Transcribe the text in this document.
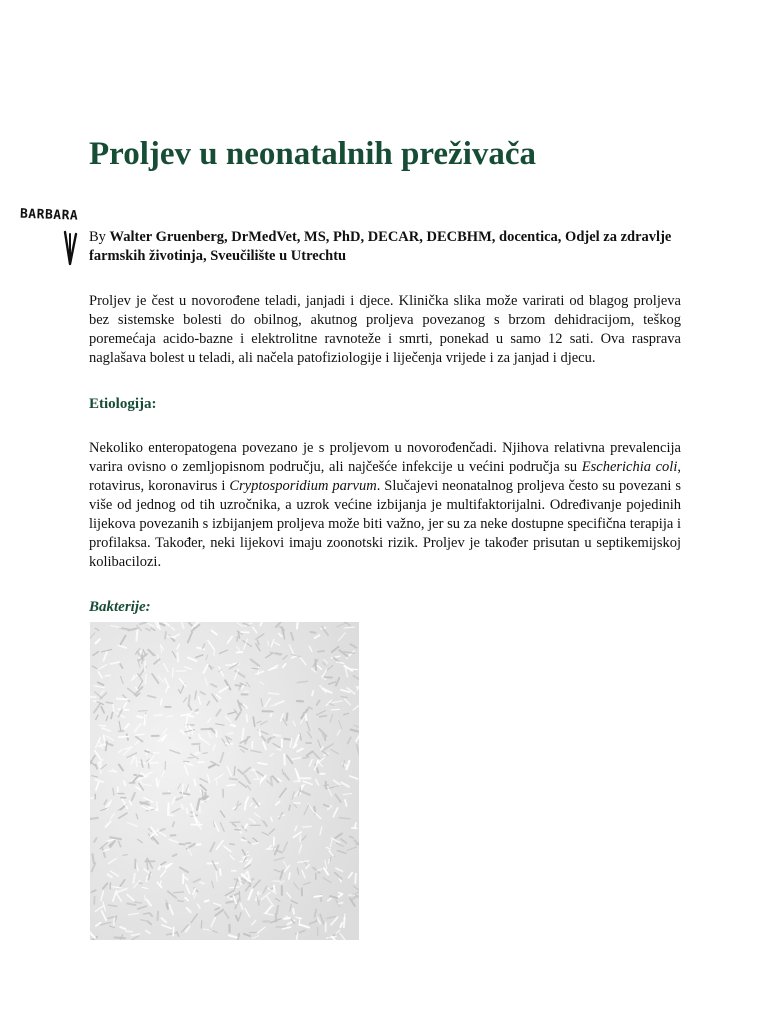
Proljev u neonatalnih preživača
BARBARA

By Walter Gruenberg, DrMedVet, MS, PhD, DECAR, DECBHM, docentica, Odjel za zdravlje farmskih životinja, Sveučilište u Utrechtu

Proljev je čest u novorođene teladi, janjadi i djece. Klinička slika može varirati od blagog proljeva bez sistemske bolesti do obilnog, akutnog proljeva povezanog s brzom dehidracijom, teškog poremećaja acido-bazne i elektrolitne ravnoteže i smrti, ponekad u samo 12 sati. Ova rasprava naglašava bolest u teladi, ali načela patofiziologije i liječenja vrijede i za janjad i djecu.

Etiologija:

Nekoliko enteropatogena povezano je s proljevom u novorođenčadi. Njihova relativna prevalencija varira ovisno o zemljopisnom području, ali najčešće infekcije u većini područja su Escherichia coli, rotavirus, koronavirus i Cryptosporidium parvum. Slučajevi neonatalnog proljeva često su povezani s više od jednog od tih uzročnika, a uzrok većine izbijanja je multifaktorijalni. Određivanje pojedinih lijekova povezanih s izbijanjem proljeva može biti važno, jer su za neke dostupne specifična terapija i profilaksa. Također, neki lijekovi imaju zoonotski rizik. Proljev je također prisutan u septikemijskoj kolibacilozi.

Bakterije:
